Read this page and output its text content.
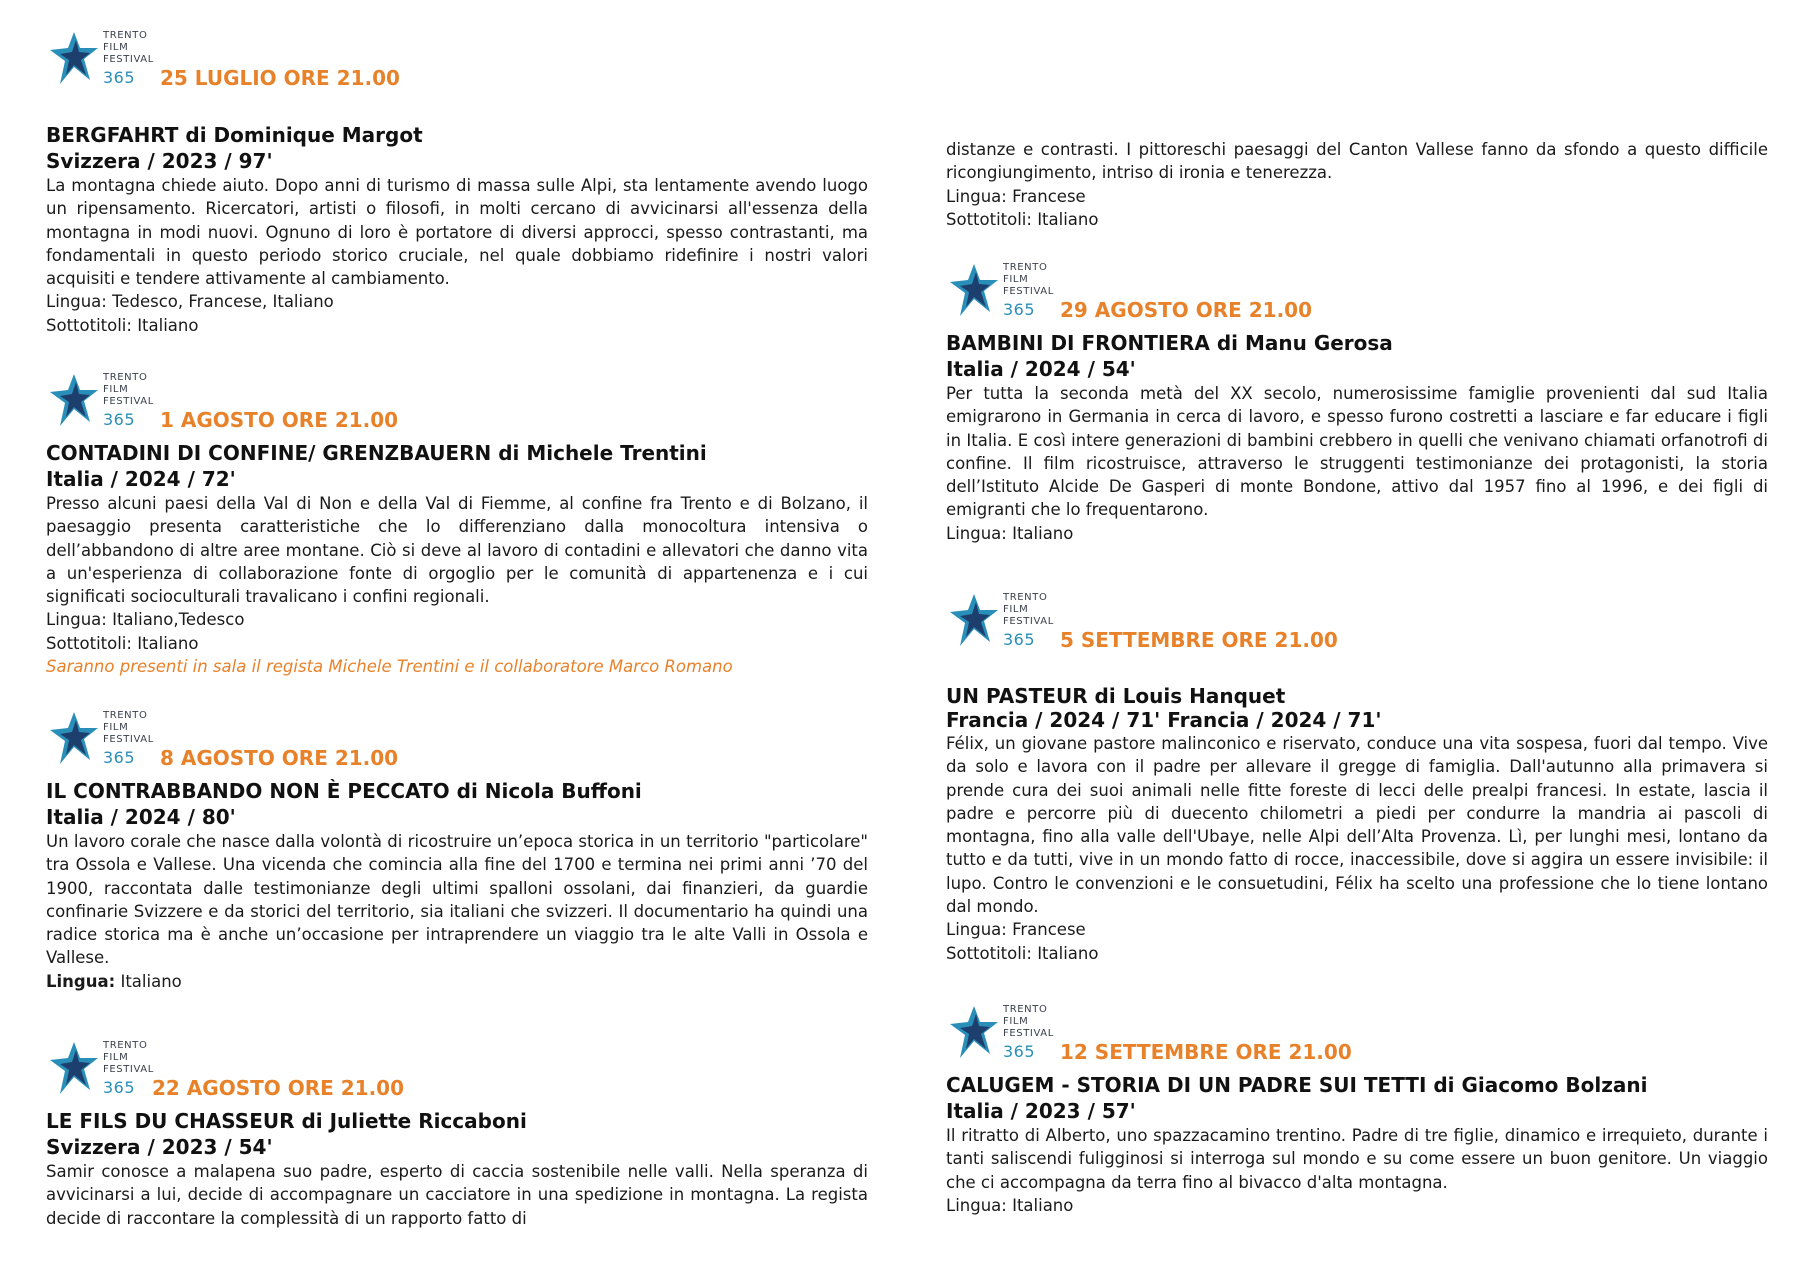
TRENTO
FILM
FESTIVAL
365 25 LUGLIO ORE 21.00
BERGFAHRT di Dominique Margot
Svizzera / 2023 / 97'

La montagna chiede aiuto. Dopo anni di turismo di massa sulle Alpi, sta lentamente avendo luogo un ripensamento. Ricercatori, artisti o filosofi, in molti cercano di avvicinarsi all'essenza della montagna in modi nuovi. Ognuno di loro è portatore di diversi approcci, spesso contrastanti, ma fondamentali in questo periodo storico cruciale, nel quale dobbiamo ridefinire i nostri valori acquisiti e tendere attivamente al cambiamento.

Lingua: Tedesco, Francese, Italiano
Sottotitoli: Italiano
TRENTO
FILM
FESTIVAL
365 1 AGOSTO ORE 21.00
CONTADINI DI CONFINE/ GRENZBAUERN di Michele Trentini
Italia / 2024 / 72'

Presso alcuni paesi della Val di Non e della Val di Fiemme, al confine fra Trento e di Bolzano, il paesaggio presenta caratteristiche che lo differenziano dalla monocoltura intensiva o dell’abbandono di altre aree montane. Ciò si deve al lavoro di contadini e allevatori che danno vita a un'esperienza di collaborazione fonte di orgoglio per le comunità di appartenenza e i cui significati socioculturali travalicano i confini regionali.

Lingua: Italiano,Tedesco
Sottotitoli: Italiano
Saranno presenti in sala il regista Michele Trentini e il collaboratore Marco Romano
TRENTO
FILM
FESTIVAL
365 8 AGOSTO ORE 21.00
IL CONTRABBANDO NON È PECCATO di Nicola Buffoni
Italia / 2024 / 80'

Un lavoro corale che nasce dalla volontà di ricostruire un’epoca storica in un territorio "particolare" tra Ossola e Vallese. Una vicenda che comincia alla fine del 1700 e termina nei primi anni ’70 del 1900, raccontata dalle testimonianze degli ultimi spalloni ossolani, dai finanzieri, da guardie confinarie Svizzere e da storici del territorio, sia italiani che svizzeri. Il documentario ha quindi una radice storica ma è anche un’occasione per intraprendere un viaggio tra le alte Valli in Ossola e Vallese.

Lingua: Italiano
TRENTO
FILM
FESTIVAL
365 22 AGOSTO ORE 21.00
LE FILS DU CHASSEUR di Juliette Riccaboni
Svizzera / 2023 / 54'

Samir conosce a malapena suo padre, esperto di caccia sostenibile nelle valli. Nella speranza di avvicinarsi a lui, decide di accompagnare un cacciatore in una spedizione in montagna. La regista decide di raccontare la complessità di un rapporto fatto di

distanze e contrasti. I pittoreschi paesaggi del Canton Vallese fanno da sfondo a questo difficile ricongiungimento, intriso di ironia e tenerezza.

Lingua: Francese
Sottotitoli: Italiano
TRENTO
FILM
FESTIVAL
365 29 AGOSTO ORE 21.00
BAMBINI DI FRONTIERA di Manu Gerosa
Italia / 2024 / 54'

Per tutta la seconda metà del XX secolo, numerosissime famiglie provenienti dal sud Italia emigrarono in Germania in cerca di lavoro, e spesso furono costretti a lasciare e far educare i figli in Italia. E così intere generazioni di bambini crebbero in quelli che venivano chiamati orfanotrofi di confine. Il film ricostruisce, attraverso le struggenti testimonianze dei protagonisti, la storia dell’Istituto Alcide De Gasperi di monte Bondone, attivo dal 1957 fino al 1996, e dei figli di emigranti che lo frequentarono.

Lingua: Italiano
TRENTO
FILM
FESTIVAL
365 5 SETTEMBRE ORE 21.00
UN PASTEUR di Louis Hanquet
Francia / 2024 / 71' Francia / 2024 / 71'

Félix, un giovane pastore malinconico e riservato, conduce una vita sospesa, fuori dal tempo. Vive da solo e lavora con il padre per allevare il gregge di famiglia. Dall'autunno alla primavera si prende cura dei suoi animali nelle fitte foreste di lecci delle prealpi francesi. In estate, lascia il padre e percorre più di duecento chilometri a piedi per condurre la mandria ai pascoli di montagna, fino alla valle dell'Ubaye, nelle Alpi dell’Alta Provenza. Lì, per lunghi mesi, lontano da tutto e da tutti, vive in un mondo fatto di rocce, inaccessibile, dove si aggira un essere invisibile: il lupo. Contro le convenzioni e le consuetudini, Félix ha scelto una professione che lo tiene lontano dal mondo.

Lingua: Francese
Sottotitoli: Italiano
TRENTO
FILM
FESTIVAL
365 12 SETTEMBRE ORE 21.00
CALUGEM - STORIA DI UN PADRE SUI TETTI di Giacomo Bolzani
Italia / 2023 / 57'

Il ritratto di Alberto, uno spazzacamino trentino. Padre di tre figlie, dinamico e irrequieto, durante i tanti saliscendi fuligginosi si interroga sul mondo e su come essere un buon genitore. Un viaggio che ci accompagna da terra fino al bivacco d'alta montagna.

Lingua: Italiano
